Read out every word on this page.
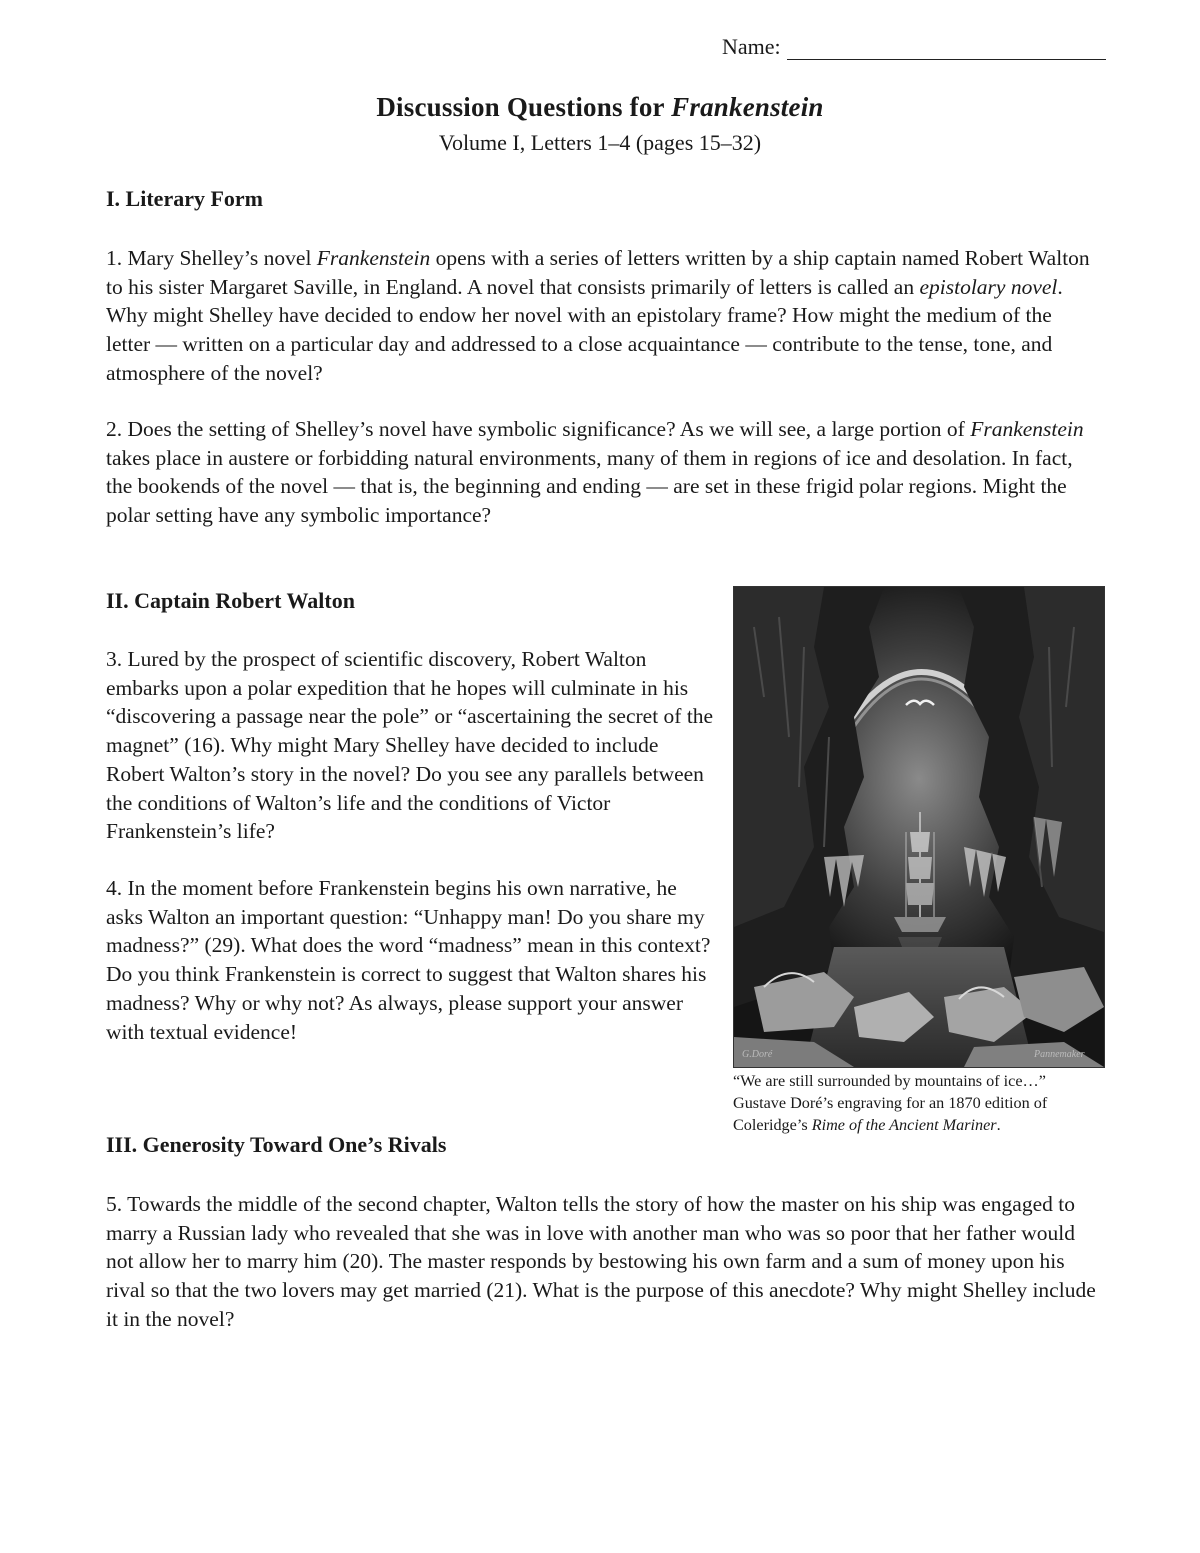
Name:
Discussion Questions for Frankenstein
Volume I, Letters 1–4 (pages 15–32)
I. Literary Form
1. Mary Shelley’s novel Frankenstein opens with a series of letters written by a ship captain named Robert Walton to his sister Margaret Saville, in England. A novel that consists primarily of letters is called an epistolary novel. Why might Shelley have decided to endow her novel with an epistolary frame? How might the medium of the letter — written on a particular day and addressed to a close acquaintance — contribute to the tense, tone, and atmosphere of the novel?
2. Does the setting of Shelley’s novel have symbolic significance? As we will see, a large portion of Frankenstein takes place in austere or forbidding natural environments, many of them in regions of ice and desolation. In fact, the bookends of the novel — that is, the beginning and ending — are set in these frigid polar regions. Might the polar setting have any symbolic importance?
II. Captain Robert Walton
3. Lured by the prospect of scientific discovery, Robert Walton embarks upon a polar expedition that he hopes will culminate in his “discovering a passage near the pole” or “ascertaining the secret of the magnet” (16). Why might Mary Shelley have decided to include Robert Walton’s story in the novel? Do you see any parallels between the conditions of Walton’s life and the conditions of Victor Frankenstein’s life?
4. In the moment before Frankenstein begins his own narrative, he asks Walton an important question: “Unhappy man! Do you share my madness?” (29). What does the word “madness” mean in this context? Do you think Frankenstein is correct to suggest that Walton shares his madness? Why or why not? As always, please support your answer with textual evidence!
G.Doré	Pannemaker
“We are still surrounded by mountains of ice…”
Gustave Doré’s engraving for an 1870 edition of
Coleridge’s Rime of the Ancient Mariner.
III. Generosity Toward One’s Rivals
5. Towards the middle of the second chapter, Walton tells the story of how the master on his ship was engaged to marry a Russian lady who revealed that she was in love with another man who was so poor that her father would not allow her to marry him (20). The master responds by bestowing his own farm and a sum of money upon his rival so that the two lovers may get married (21). What is the purpose of this anecdote? Why might Shelley include it in the novel?
